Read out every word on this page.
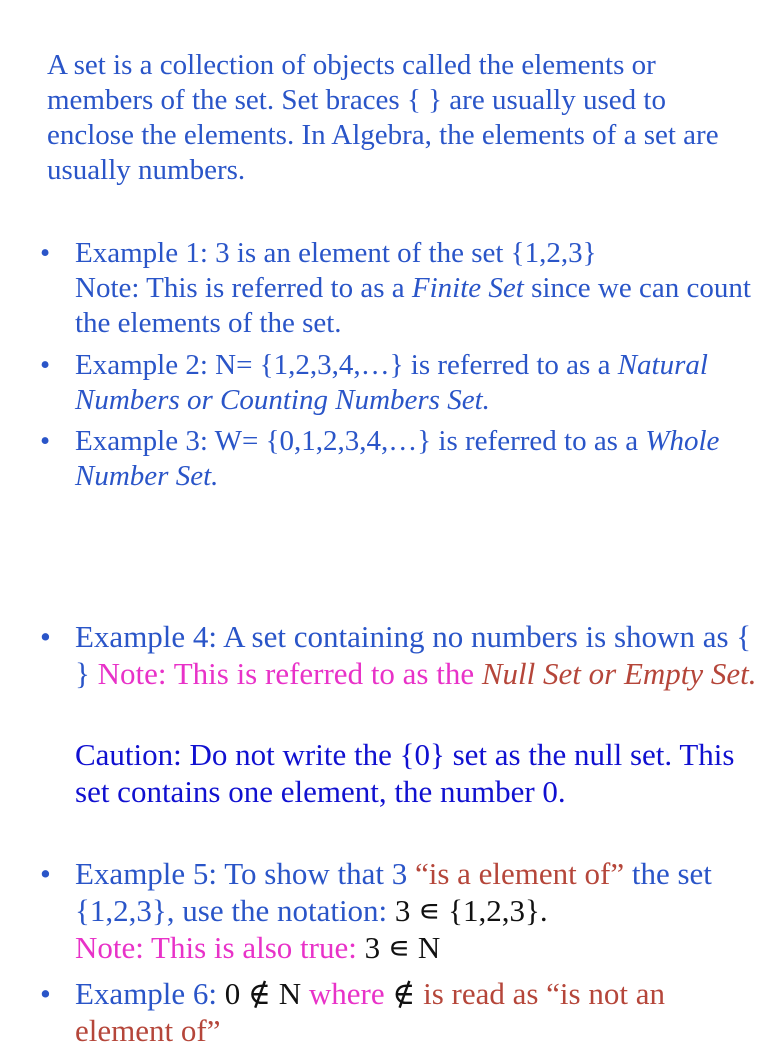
A set is a collection of objects called the elements or members of the set. Set braces { } are usually used to enclose the elements. In Algebra, the elements of a set are usually numbers.

• Example 1: 3 is an element of the set {1,2,3}
Note: This is referred to as a Finite Set since we can count the elements of the set.
• Example 2: N= {1,2,3,4,…} is referred to as a Natural Numbers or Counting Numbers Set.
• Example 3: W= {0,1,2,3,4,…} is referred to as a Whole Number Set.
• Example 4: A set containing no numbers is shown as { } Note: This is referred to as the Null Set or Empty Set.

Caution: Do not write the {0} set as the null set. This set contains one element, the number 0.

• Example 5: To show that 3 “is a element of” the set {1,2,3}, use the notation: 3 ∊ {1,2,3}.
Note: This is also true: 3 ∊ N
• Example 6: 0 ∉ N where ∉ is read as “is not an element of”
